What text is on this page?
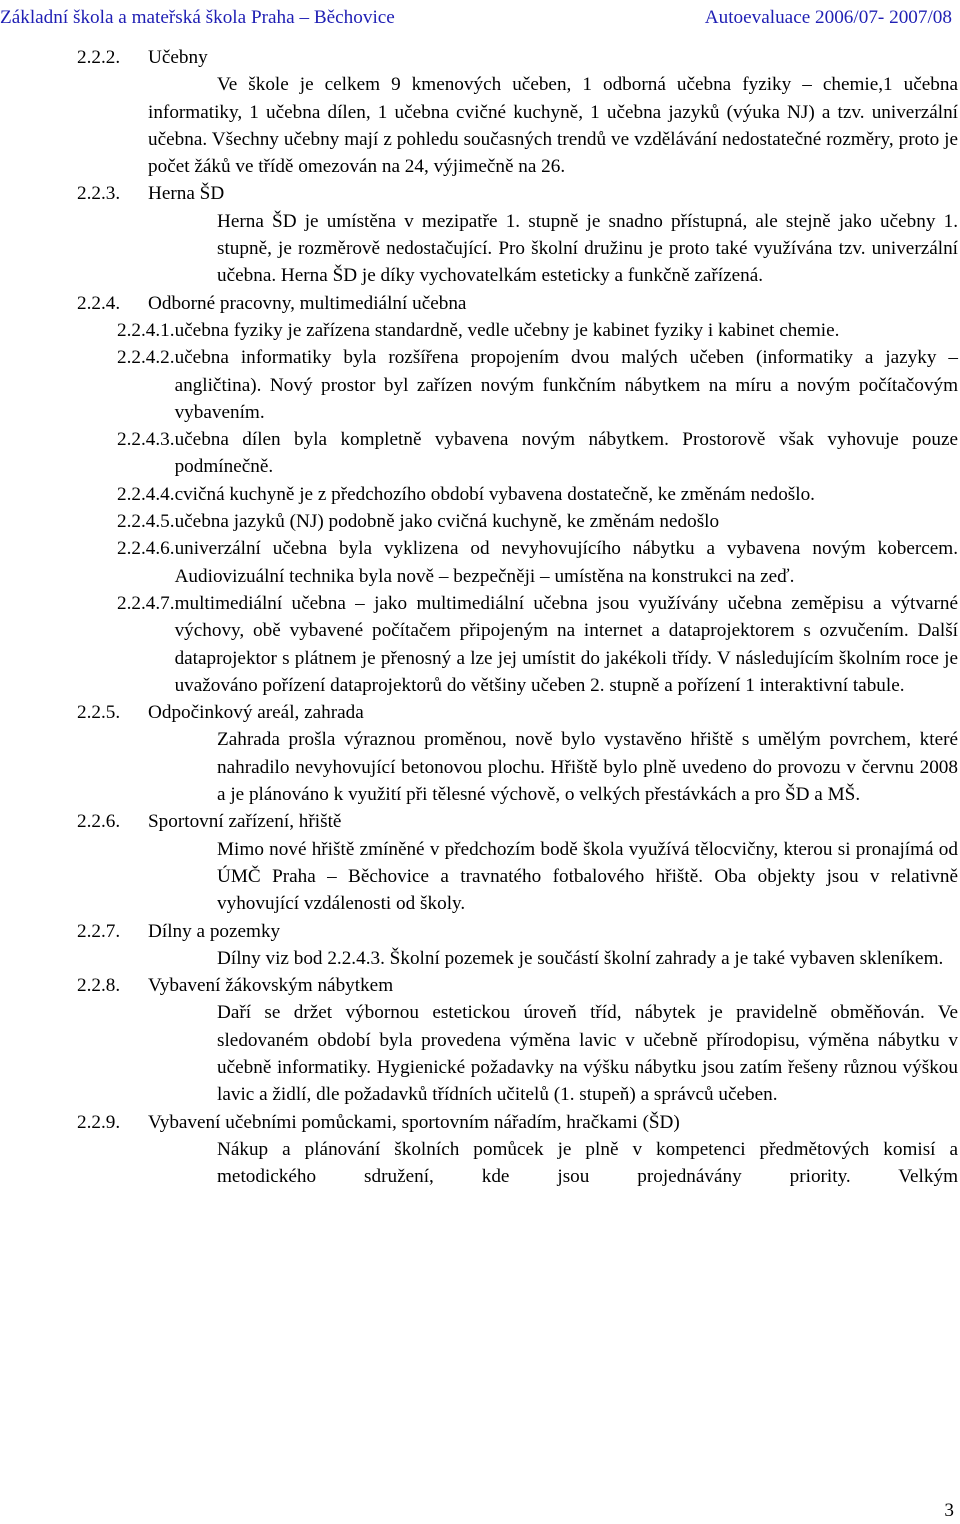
Základní škola a mateřská škola Praha – Běchovice	Autoevaluace 2006/07- 2007/08
2.2.2.	Učebny
Ve škole je celkem 9 kmenových učeben, 1 odborná učebna fyziky – chemie,1 učebna informatiky, 1 učebna dílen, 1 učebna cvičné kuchyně, 1 učebna jazyků (výuka NJ) a tzv. univerzální učebna. Všechny učebny mají z pohledu současných trendů ve vzdělávání nedostatečné rozměry, proto je počet žáků ve třídě omezován na 24, výjimečně na 26.
2.2.3.	Herna ŠD
Herna ŠD je umístěna v mezipatře 1. stupně je snadno přístupná, ale stejně jako učebny 1. stupně, je rozměrově nedostačující. Pro školní družinu je proto také využívána tzv. univerzální učebna. Herna ŠD je díky vychovatelkám esteticky a funkčně zařízená.
2.2.4.	Odborné pracovny, multimediální učebna
2.2.4.1. učebna fyziky je zařízena standardně, vedle učebny je kabinet fyziky i kabinet chemie.
2.2.4.2. učebna informatiky byla rozšířena propojením dvou malých učeben (informatiky a jazyky – angličtina). Nový prostor byl zařízen novým funkčním nábytkem na míru a novým počítačovým vybavením.
2.2.4.3. učebna dílen byla kompletně vybavena novým nábytkem. Prostorově však vyhovuje pouze podmínečně.
2.2.4.4. cvičná kuchyně je z předchozího období vybavena dostatečně, ke změnám nedošlo.
2.2.4.5. učebna jazyků (NJ) podobně jako cvičná kuchyně, ke změnám nedošlo
2.2.4.6. univerzální učebna byla vyklizena od nevyhovujícího nábytku a vybavena novým kobercem. Audiovizuální technika byla nově – bezpečněji – umístěna na konstrukci na zeď.
2.2.4.7. multimediální učebna – jako multimediální učebna jsou využívány učebna zeměpisu a výtvarné výchovy, obě vybavené počítačem připojeným na internet a dataprojektorem s ozvučením. Další dataprojektor s plátnem je přenosný a lze jej umístit do jakékoli třídy. V následujícím školním roce je uvažováno pořízení dataprojektorů do většiny učeben 2. stupně a pořízení 1 interaktivní tabule.
2.2.5.	Odpočinkový areál, zahrada
Zahrada prošla výraznou proměnou, nově bylo vystavěno hřiště s umělým povrchem, které nahradilo nevyhovující betonovou plochu. Hřiště bylo plně uvedeno do provozu v červnu 2008 a je plánováno k využití při tělesné výchově, o velkých přestávkách a pro ŠD a MŠ.
2.2.6.	Sportovní zařízení, hřiště
Mimo nové hřiště zmíněné v předchozím bodě škola využívá tělocvičny, kterou si pronajímá od ÚMČ Praha – Běchovice a travnatého fotbalového hřiště. Oba objekty jsou v relativně vyhovující vzdálenosti od školy.
2.2.7.	Dílny a pozemky
Dílny viz bod 2.2.4.3. Školní pozemek je součástí školní zahrady a je také vybaven skleníkem.
2.2.8.	Vybavení žákovským nábytkem
Daří se držet výbornou estetickou úroveň tříd, nábytek je pravidelně obměňován. Ve sledovaném období byla provedena výměna lavic v učebně přírodopisu, výměna nábytku v učebně informatiky. Hygienické požadavky na výšku nábytku jsou zatím řešeny různou výškou lavic a židlí, dle požadavků třídních učitelů (1. stupeň) a správců učeben.
2.2.9.	Vybavení učebními pomůckami, sportovním nářadím, hračkami (ŠD)
Nákup a plánování školních pomůcek je plně v kompetenci předmětových komisí a metodického sdružení, kde jsou projednávány priority. Velkým
3
